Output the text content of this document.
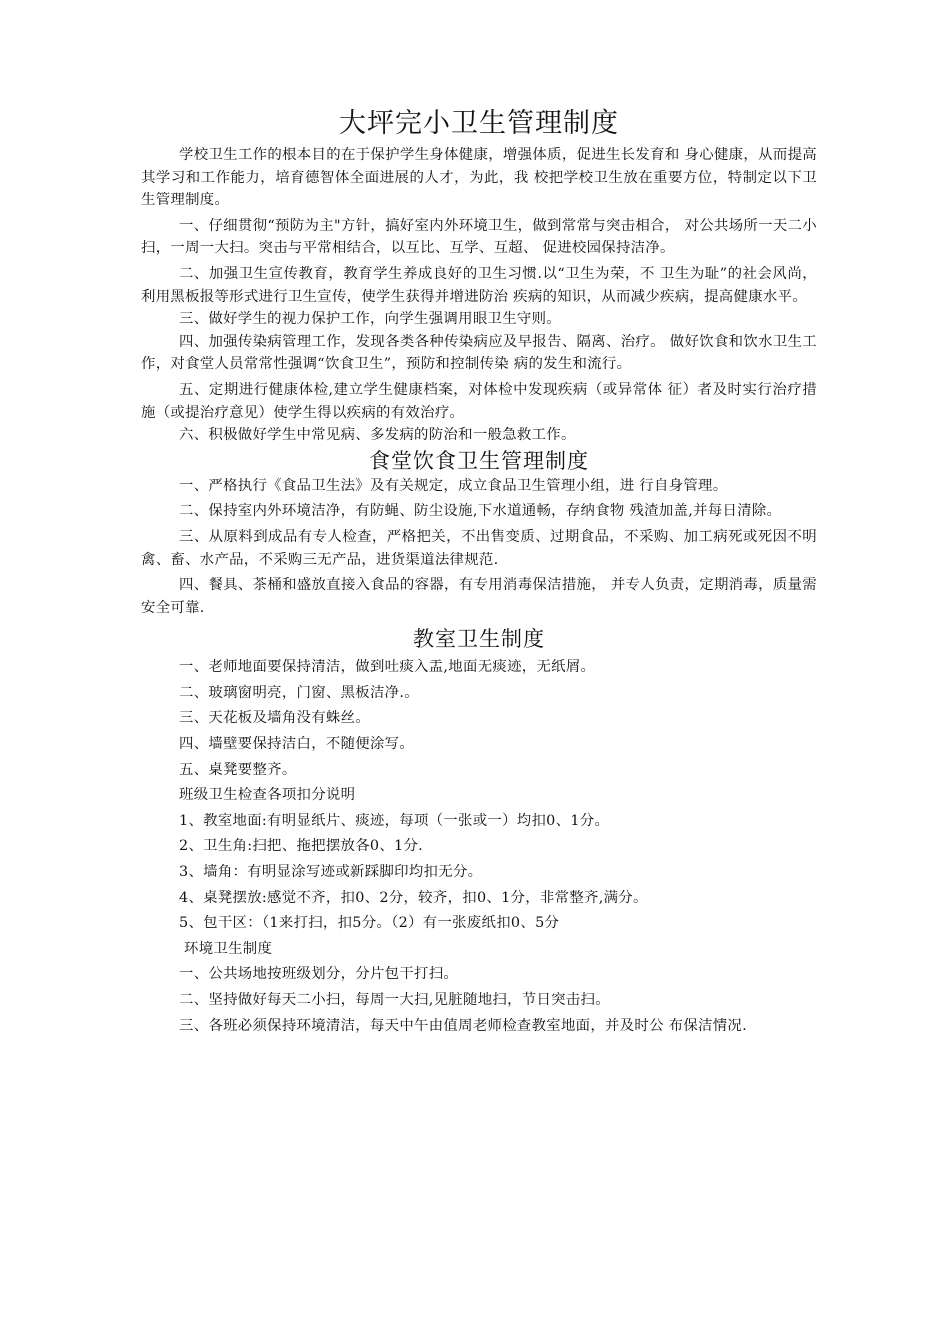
大坪完小卫生管理制度

学校卫生工作的根本目的在于保护学生身体健康，增强体质，促进生长发育和 身心健康，从而提高其学习和工作能力，培育德智体全面进展的人才，为此，我 校把学校卫生放在重要方位，特制定以下卫生管理制度。

一、仔细贯彻“预防为主"方针，搞好室内外环境卫生，做到常常与突击相合， 对公共场所一天二小扫，一周一大扫。突击与平常相结合，以互比、互学、互超、 促进校园保持洁净。

二、加强卫生宣传教育，教育学生养成良好的卫生习惯.以“卫生为荣，不 卫生为耻”的社会风尚，利用黑板报等形式进行卫生宣传，使学生获得并增进防治 疾病的知识，从而减少疾病，提高健康水平。

三、做好学生的视力保护工作，向学生强调用眼卫生守则。

四、加强传染病管理工作，发现各类各种传染病应及早报告、隔离、治疗。 做好饮食和饮水卫生工作，对食堂人员常常性强调“饮食卫生”，预防和控制传染 病的发生和流行。

五、定期进行健康体检,建立学生健康档案，对体检中发现疾病（或异常体 征）者及时实行治疗措施（或提治疗意见）使学生得以疾病的有效治疗。

六、积极做好学生中常见病、多发病的防治和一般急救工作。

食堂饮食卫生管理制度

一、严格执行《食品卫生法》及有关规定，成立食品卫生管理小组，进 行自身管理。

二、保持室内外环境洁净，有防蝇、防尘设施,下水道通畅，存纳食物 残渣加盖,并每日清除。

三、从原料到成品有专人检查，严格把关，不出售变质、过期食品，不采购、加工病死或死因不明禽、畜、水产品，不采购三无产品，进货渠道法律规范.

四、餐具、茶桶和盛放直接入食品的容器，有专用消毒保洁措施， 并专人负责，定期消毒，质量需安全可靠.

教室卫生制度

一、老师地面要保持清洁，做到吐痰入盂,地面无痰迹，无纸屑。

二、玻璃窗明亮，门窗、黑板洁净.。

三、天花板及墙角没有蛛丝。

四、墙壁要保持洁白，不随便涂写。

五、桌凳要整齐。

班级卫生检查各项扣分说明

1、教室地面:有明显纸片、痰迹，每项（一张或一）均扣0、1分。

2、卫生角:扫把、拖把摆放各0、1分.

3、墙角：有明显涂写迹或新踩脚印均扣无分。

4、桌凳摆放:感觉不齐，扣0、2分，较齐，扣0、1分，非常整齐,满分。

5、包干区：（1来打扫，扣5分。（2）有一张废纸扣0、5分

环境卫生制度

一、公共场地按班级划分，分片包干打扫。

二、坚持做好每天二小扫，每周一大扫,见脏随地扫，节日突击扫。

三、各班必须保持环境清洁，每天中午由值周老师检查教室地面，并及时公 布保洁情况.
